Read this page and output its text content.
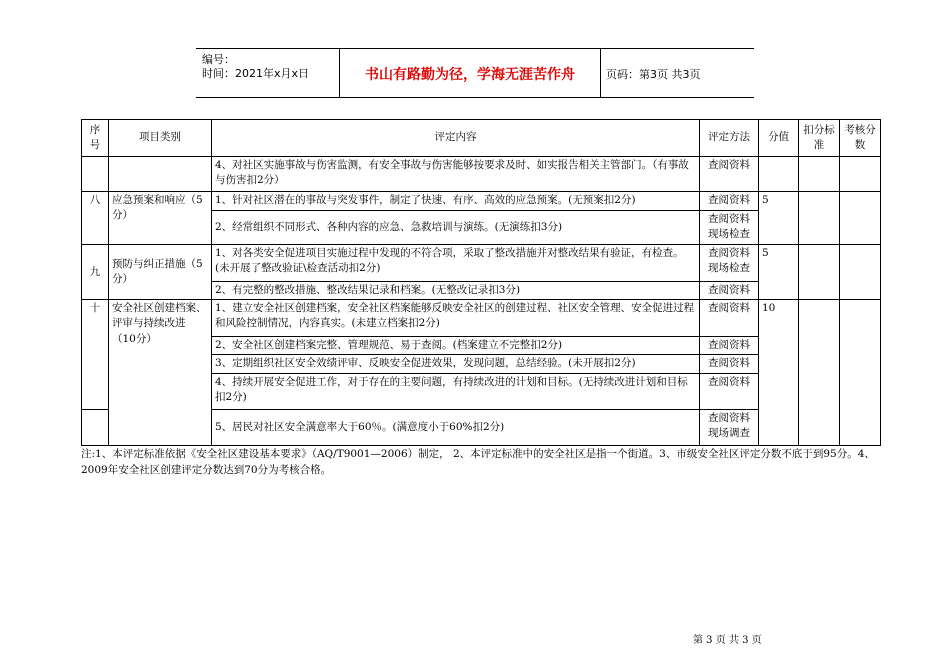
编号：
时间：2021年x月x日	书山有路勤为径，学海无涯苦作舟	页码：第3页 共3页
序号	项目类别	评定内容	评定方法	分值	扣分标准	考核分数
		4、对社区实施事故与伤害监测，有安全事故与伤害能够按要求及时、如实报告相关主管部门。（有事故与伤害扣2分）	查阅资料			
八	应急预案和响应（5分）	1、针对社区潜在的事故与突发事件，制定了快速、有序、高效的应急预案。(无预案扣2分)	查阅资料	5		
		2、经常组织不同形式、各种内容的应急、急救培训与演练。(无演练扣3分)	查阅资料现场检查			
九	预防与纠正措施（5分）	1、对各类安全促进项目实施过程中发现的不符合项，采取了整改措施并对整改结果有验证，有检查。(未开展了整改验证\检查活动扣2分)	查阅资料现场检查	5		
		2、有完整的整改措施、整改结果记录和档案。(无整改记录扣3分)	查阅资料			
十	安全社区创建档案、评审与持续改进（10分）	1、建立安全社区创建档案，安全社区档案能够反映安全社区的创建过程、社区安全管理、安全促进过程和风险控制情况，内容真实。(未建立档案扣2分)	查阅资料	10		
		2、安全社区创建档案完整、管理规范、易于查阅。(档案建立不完整扣2分)	查阅资料			
		3、定期组织社区安全效绩评审、反映安全促进效果，发现问题，总结经验。(未开展扣2分)	查阅资料			
		4、持续开展安全促进工作，对于存在的主要问题，有持续改进的计划和目标。(无持续改进计划和目标扣2分)	查阅资料			
		5、居民对社区安全满意率大于60％。(满意度小于60%扣2分)	查阅资料现场调查			
注:1、本评定标准依据《安全社区建设基本要求》（AQ/T9001—2006）制定， 2、本评定标准中的安全社区是指一个街道。3、市级安全社区评定分数不底于到95分。4、2009年安全社区创建评定分数达到70分为考核合格。
第 3 页 共 3 页
